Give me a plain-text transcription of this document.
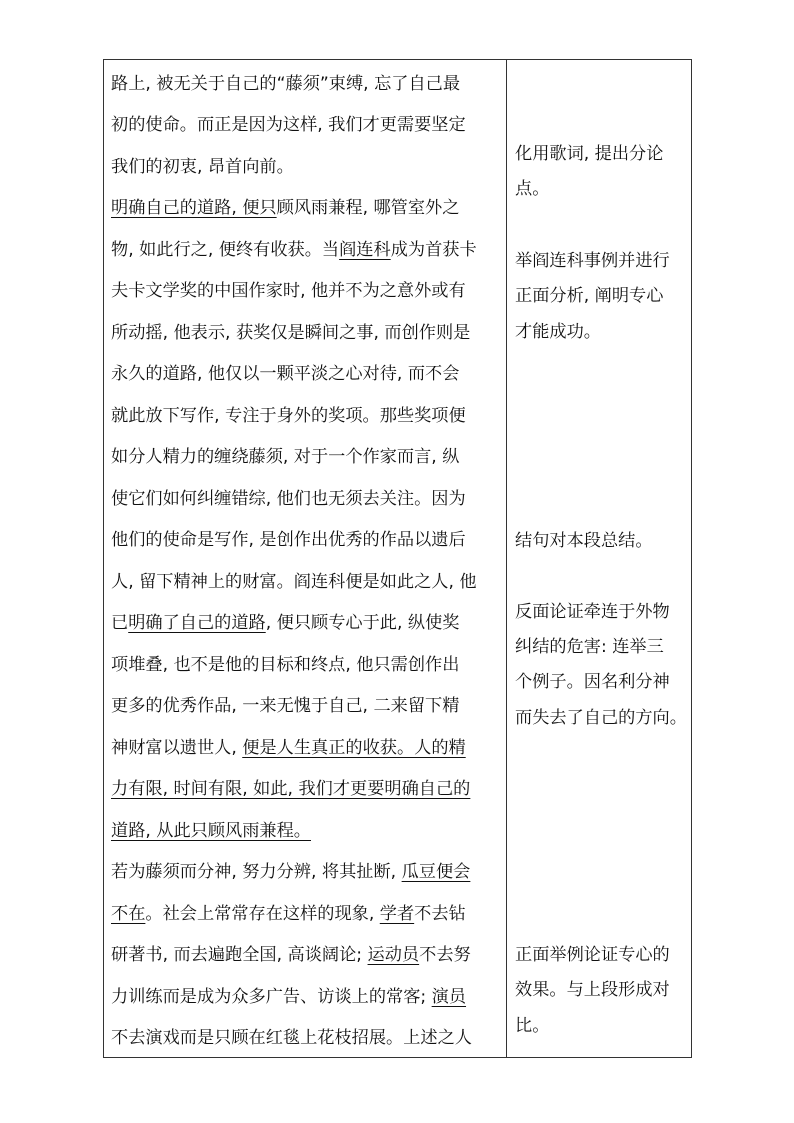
路上, 被无关于自己的“藤须”束缚, 忘了自己最
初的使命。而正是因为这样, 我们才更需要坚定
我们的初衷, 昂首向前。
明确自己的道路, 便只顾风雨兼程, 哪管室外之
物, 如此行之, 便终有收获。当阎连科成为首获卡
夫卡文学奖的中国作家时, 他并不为之意外或有
所动摇, 他表示, 获奖仅是瞬间之事, 而创作则是
永久的道路, 他仅以一颗平淡之心对待, 而不会
就此放下写作, 专注于身外的奖项。那些奖项便
如分人精力的缠绕藤须, 对于一个作家而言, 纵
使它们如何纠缠错综, 他们也无须去关注。因为
他们的使命是写作, 是创作出优秀的作品以遗后
人, 留下精神上的财富。阎连科便是如此之人, 他
已明确了自己的道路, 便只顾专心于此, 纵使奖
项堆叠, 也不是他的目标和终点, 他只需创作出
更多的优秀作品, 一来无愧于自己, 二来留下精
神财富以遗世人, 便是人生真正的收获。人的精
力有限, 时间有限, 如此, 我们才更要明确自己的
道路, 从此只顾风雨兼程。
若为藤须而分神, 努力分辨, 将其扯断, 瓜豆便会
不在。社会上常常存在这样的现象, 学者不去钻
研著书, 而去遍跑全国, 高谈阔论; 运动员不去努
力训练而是成为众多广告、访谈上的常客; 演员
不去演戏而是只顾在红毯上花枝招展。上述之人
化用歌词, 提出分论
点。
举阎连科事例并进行
正面分析, 阐明专心
才能成功。
结句对本段总结。
反面论证牵连于外物
纠结的危害: 连举三
个例子。因名利分神
而失去了自己的方向。
正面举例论证专心的
效果。与上段形成对
比。
